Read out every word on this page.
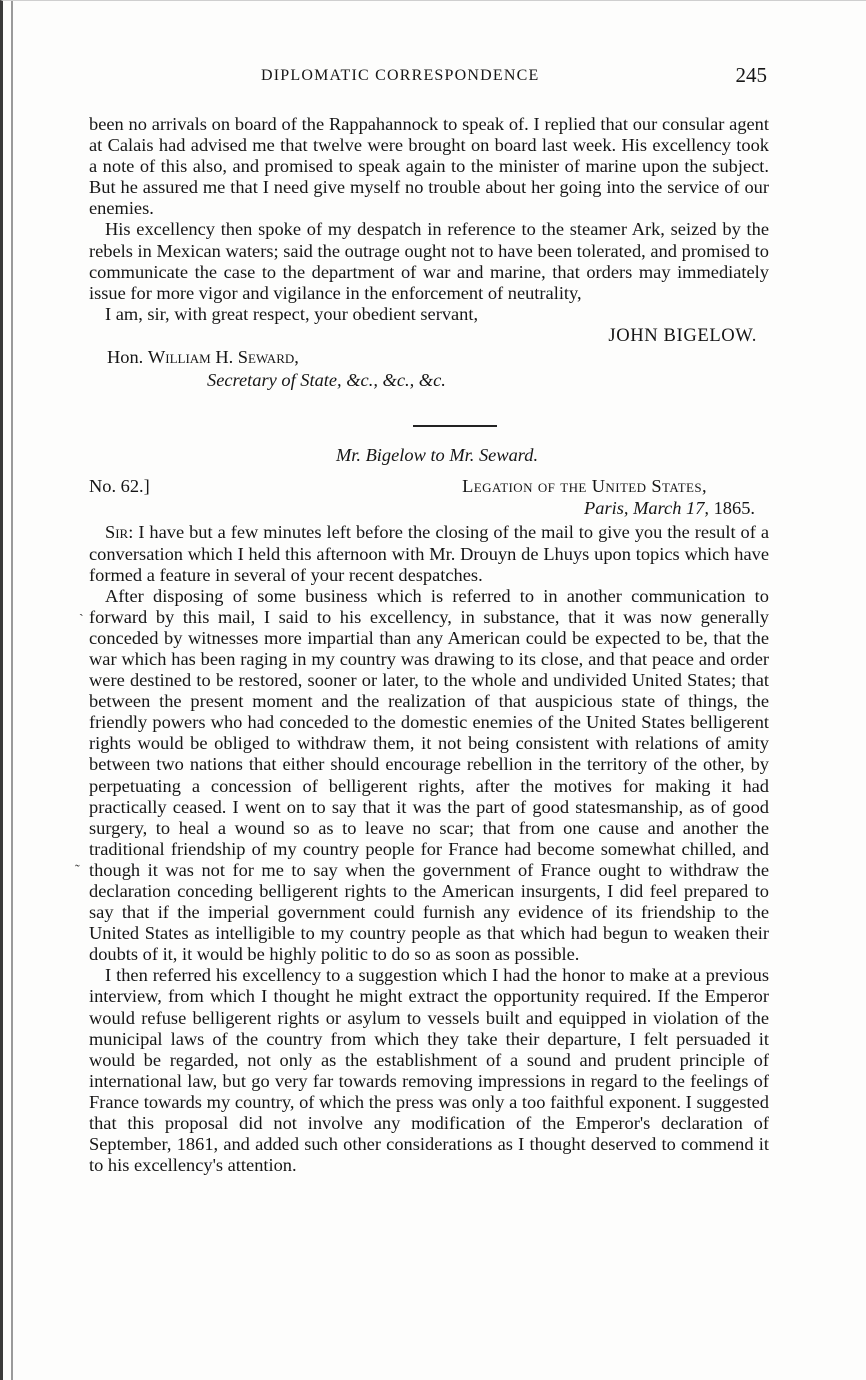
DIPLOMATIC CORRESPONDENCE	245
ˏ
˜

been no arrivals on board of the Rappahannock to speak of. I replied that our consular agent at Calais had advised me that twelve were brought on board last week. His excellency took a note of this also, and promised to speak again to the minister of marine upon the subject. But he assured me that I need give myself no trouble about her going into the service of our enemies.

His excellency then spoke of my despatch in reference to the steamer Ark, seized by the rebels in Mexican waters; said the outrage ought not to have been tolerated, and promised to communicate the case to the department of war and marine, that orders may immediately issue for more vigor and vigilance in the enforcement of neutrality,

I am, sir, with great respect, your obedient servant,

JOHN BIGELOW.

Hon. William H. Seward,

Secretary of State, &c., &c., &c.

Mr. Bigelow to Mr. Seward.

No. 62.]	Legation of the United States,

Paris, March 17, 1865.

Sir: I have but a few minutes left before the closing of the mail to give you the result of a conversation which I held this afternoon with Mr. Drouyn de Lhuys upon topics which have formed a feature in several of your recent despatches.

After disposing of some business which is referred to in another communication to forward by this mail, I said to his excellency, in substance, that it was now generally conceded by witnesses more impartial than any American could be expected to be, that the war which has been raging in my country was drawing to its close, and that peace and order were destined to be restored, sooner or later, to the whole and undivided United States; that between the present moment and the realization of that auspicious state of things, the friendly powers who had conceded to the domestic enemies of the United States belligerent rights would be obliged to withdraw them, it not being consistent with relations of amity between two nations that either should encourage rebellion in the territory of the other, by perpetuating a concession of belligerent rights, after the motives for making it had practically ceased. I went on to say that it was the part of good statesmanship, as of good surgery, to heal a wound so as to leave no scar; that from one cause and another the traditional friendship of my country people for France had become somewhat chilled, and though it was not for me to say when the government of France ought to withdraw the declaration conceding belligerent rights to the American insurgents, I did feel prepared to say that if the imperial government could furnish any evidence of its friendship to the United States as intelligible to my country people as that which had begun to weaken their doubts of it, it would be highly politic to do so as soon as possible.

I then referred his excellency to a suggestion which I had the honor to make at a previous interview, from which I thought he might extract the opportunity required. If the Emperor would refuse belligerent rights or asylum to vessels built and equipped in violation of the municipal laws of the country from which they take their departure, I felt persuaded it would be regarded, not only as the establishment of a sound and prudent principle of international law, but go very far towards removing impressions in regard to the feelings of France towards my country, of which the press was only a too faithful exponent. I suggested that this proposal did not involve any modification of the Emperor's declaration of September, 1861, and added such other considerations as I thought deserved to commend it to his excellency's attention.
